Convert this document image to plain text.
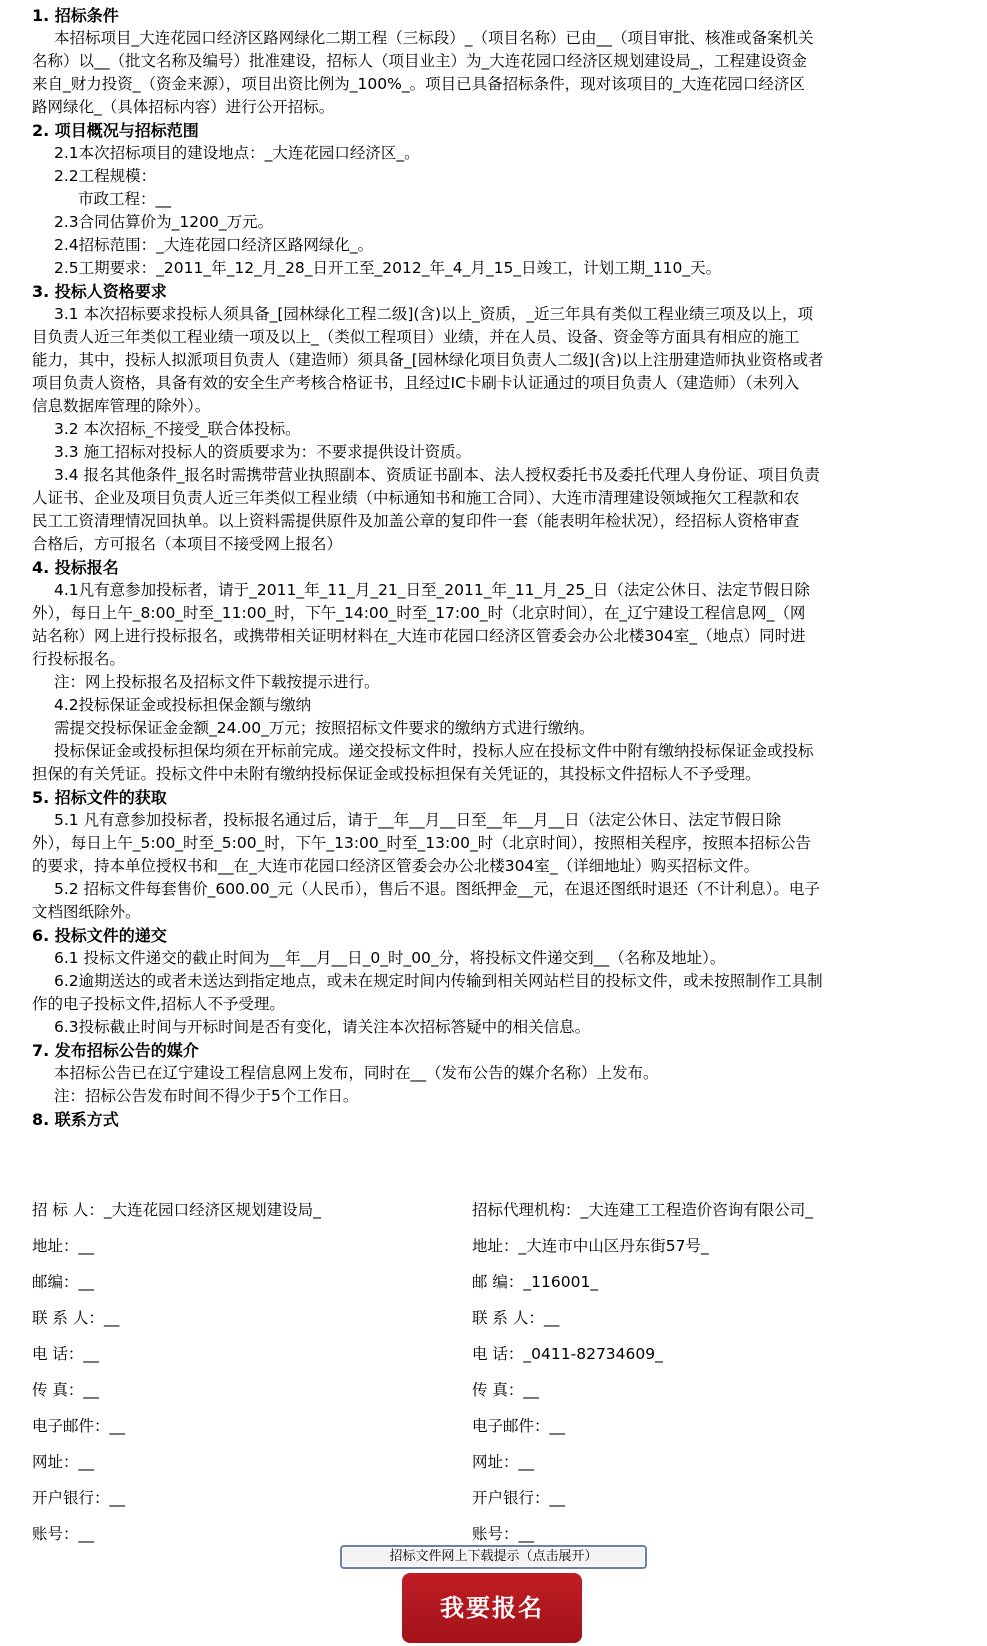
1. 招标条件
本招标项目_大连花园口经济区路网绿化二期工程（三标段）_（项目名称）已由__（项目审批、核准或备案机关
名称）以__（批文名称及编号）批准建设，招标人（项目业主）为_大连花园口经济区规划建设局_，工程建设资金
来自_财力投资_（资金来源），项目出资比例为_100%_。项目已具备招标条件，现对该项目的_大连花园口经济区
路网绿化_（具体招标内容）进行公开招标。
2. 项目概况与招标范围
2.1本次招标项目的建设地点：_大连花园口经济区_。
2.2工程规模：
市政工程：__
2.3合同估算价为_1200_万元。
2.4招标范围：_大连花园口经济区路网绿化_。
2.5工期要求：_2011_年_12_月_28_日开工至_2012_年_4_月_15_日竣工，计划工期_110_天。
3. 投标人资格要求
3.1 本次招标要求投标人须具备_[园林绿化工程二级](含)以上_资质，_近三年具有类似工程业绩三项及以上，项
目负责人近三年类似工程业绩一项及以上_（类似工程项目）业绩，并在人员、设备、资金等方面具有相应的施工
能力，其中，投标人拟派项目负责人（建造师）须具备_[园林绿化项目负责人二级](含)以上注册建造师执业资格或者
项目负责人资格，具备有效的安全生产考核合格证书，且经过IC卡刷卡认证通过的项目负责人（建造师）（未列入
信息数据库管理的除外）。
3.2 本次招标_不接受_联合体投标。
3.3 施工招标对投标人的资质要求为：不要求提供设计资质。
3.4 报名其他条件_报名时需携带营业执照副本、资质证书副本、法人授权委托书及委托代理人身份证、项目负责
人证书、企业及项目负责人近三年类似工程业绩（中标通知书和施工合同）、大连市清理建设领域拖欠工程款和农
民工工资清理情况回执单。以上资料需提供原件及加盖公章的复印件一套（能表明年检状况），经招标人资格审查
合格后，方可报名（本项目不接受网上报名）
4. 投标报名
4.1凡有意参加投标者，请于_2011_年_11_月_21_日至_2011_年_11_月_25_日（法定公休日、法定节假日除
外），每日上午_8:00_时至_11:00_时，下午_14:00_时至_17:00_时（北京时间），在_辽宁建设工程信息网_（网
站名称）网上进行投标报名，或携带相关证明材料在_大连市花园口经济区管委会办公北楼304室_（地点）同时进
行投标报名。
注：网上投标报名及招标文件下载按提示进行。
4.2投标保证金或投标担保金额与缴纳
需提交投标保证金金额_24.00_万元；按照招标文件要求的缴纳方式进行缴纳。
投标保证金或投标担保均须在开标前完成。递交投标文件时，投标人应在投标文件中附有缴纳投标保证金或投标
担保的有关凭证。投标文件中未附有缴纳投标保证金或投标担保有关凭证的，其投标文件招标人不予受理。
5. 招标文件的获取
5.1 凡有意参加投标者，投标报名通过后，请于__年__月__日至__年__月__日（法定公休日、法定节假日除
外），每日上午_5:00_时至_5:00_时，下午_13:00_时至_13:00_时（北京时间），按照相关程序，按照本招标公告
的要求，持本单位授权书和__在_大连市花园口经济区管委会办公北楼304室_（详细地址）购买招标文件。
5.2 招标文件每套售价_600.00_元（人民币），售后不退。图纸押金__元，在退还图纸时退还（不计利息）。电子
文档图纸除外。
6. 投标文件的递交
6.1 投标文件递交的截止时间为__年__月__日_0_时_00_分，将投标文件递交到__（名称及地址）。
6.2逾期送达的或者未送达到指定地点，或未在规定时间内传输到相关网站栏目的投标文件，或未按照制作工具制
作的电子投标文件,招标人不予受理。
6.3投标截止时间与开标时间是否有变化，请关注本次招标答疑中的相关信息。
7. 发布招标公告的媒介
本招标公告已在辽宁建设工程信息网上发布，同时在__（发布公告的媒介名称）上发布。
注：招标公告发布时间不得少于5个工作日。
8. 联系方式
招 标 人：_大连花园口经济区规划建设局_	招标代理机构：_大连建工工程造价咨询有限公司_
地址：__	地址：_大连市中山区丹东街57号_
邮编：__	邮 编：_116001_
联 系 人：__	联 系 人：__
电 话：__	电 话：_0411-82734609_
传 真：__	传 真：__
电子邮件：__	电子邮件：__
网址：__	网址：__
开户银行：__	开户银行：__
账号：__	账号：__
招标文件网上下载提示（点击展开）
我要报名
